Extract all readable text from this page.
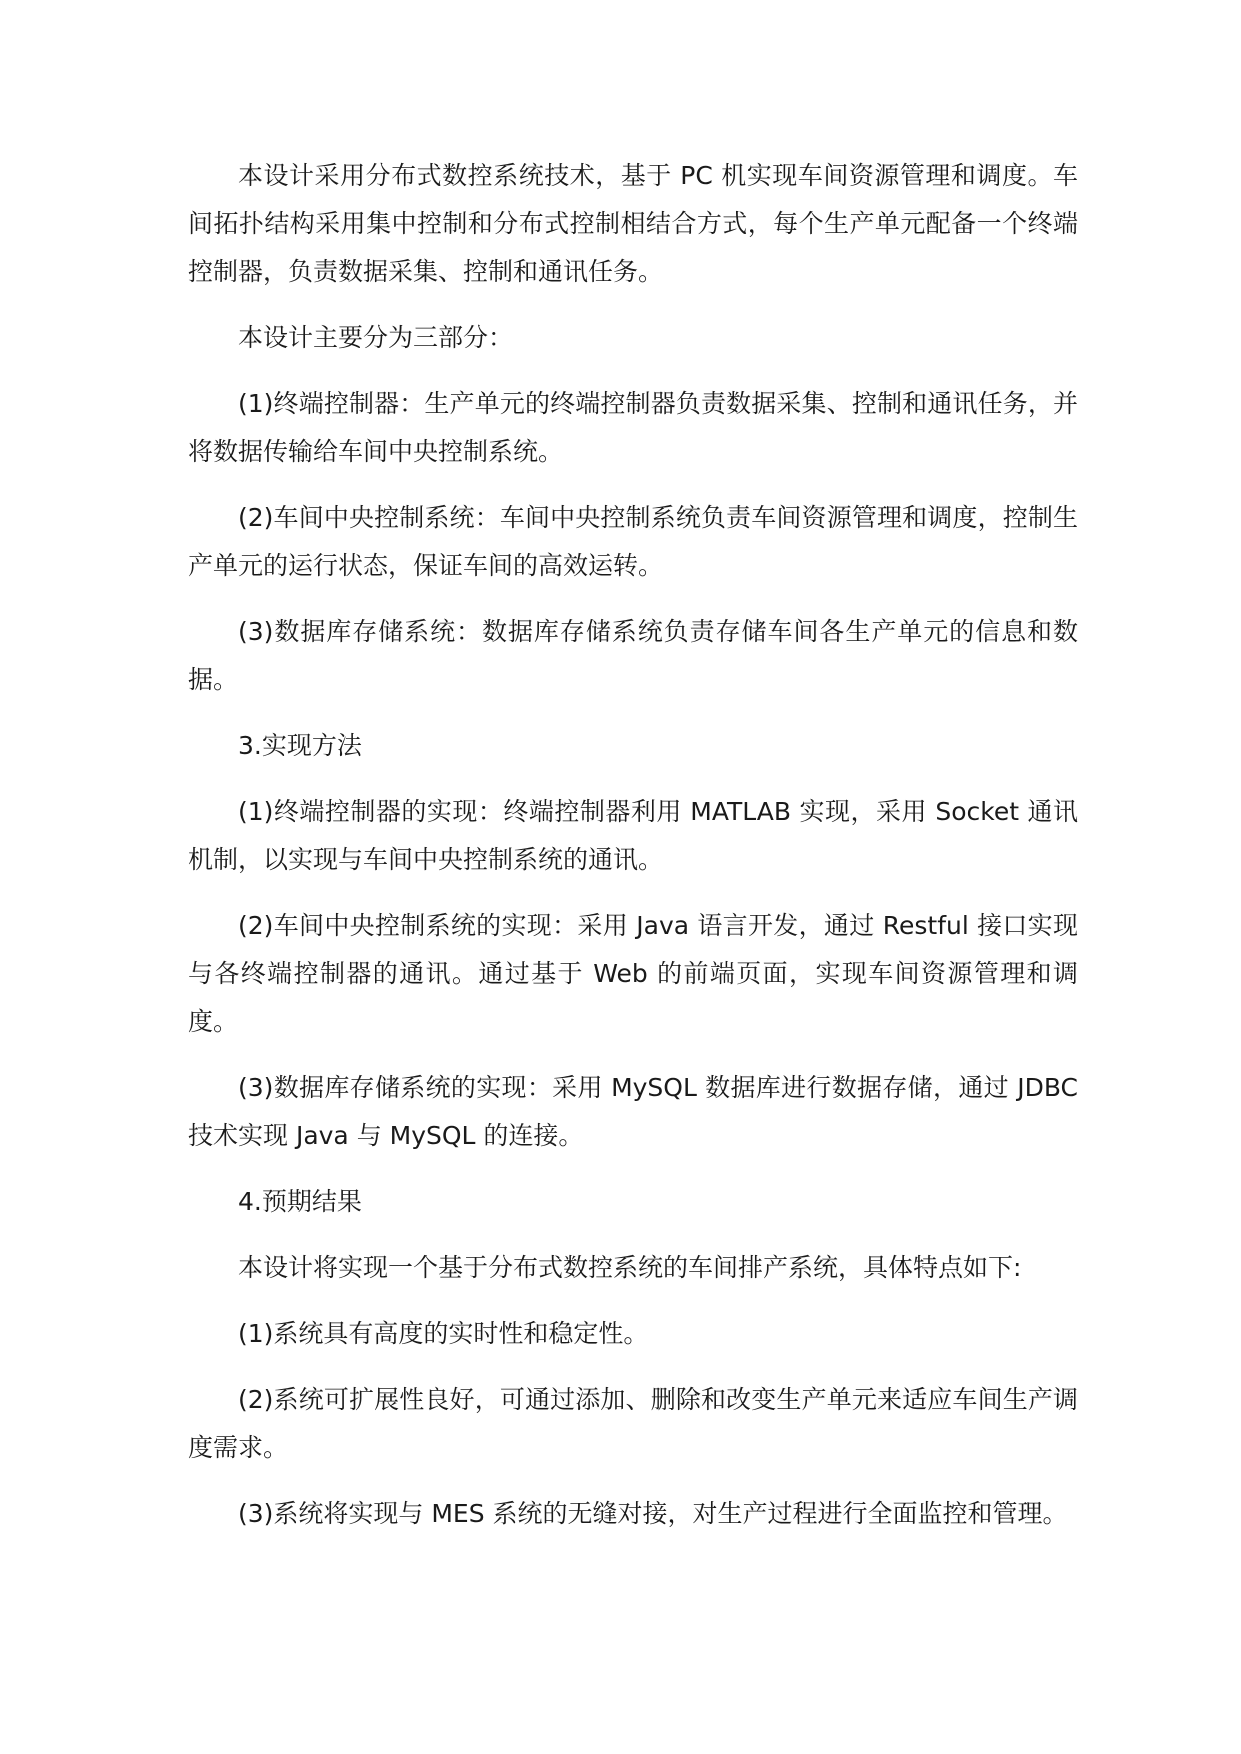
本设计采用分布式数控系统技术，基于 PC 机实现车间资源管理和调度。车间拓扑结构采用集中控制和分布式控制相结合方式，每个生产单元配备一个终端控制器，负责数据采集、控制和通讯任务。

本设计主要分为三部分：

(1)终端控制器：生产单元的终端控制器负责数据采集、控制和通讯任务，并将数据传输给车间中央控制系统。

(2)车间中央控制系统：车间中央控制系统负责车间资源管理和调度，控制生产单元的运行状态，保证车间的高效运转。

(3)数据库存储系统：数据库存储系统负责存储车间各生产单元的信息和数据。

3.实现方法

(1)终端控制器的实现：终端控制器利用 MATLAB 实现，采用 Socket 通讯机制，以实现与车间中央控制系统的通讯。

(2)车间中央控制系统的实现：采用 Java 语言开发，通过 Restful 接口实现与各终端控制器的通讯。通过基于 Web 的前端页面，实现车间资源管理和调度。

(3)数据库存储系统的实现：采用 MySQL 数据库进行数据存储，通过 JDBC 技术实现 Java 与 MySQL 的连接。

4.预期结果

本设计将实现一个基于分布式数控系统的车间排产系统，具体特点如下:

(1)系统具有高度的实时性和稳定性。

(2)系统可扩展性良好，可通过添加、删除和改变生产单元来适应车间生产调度需求。

(3)系统将实现与 MES 系统的无缝对接，对生产过程进行全面监控和管理。
